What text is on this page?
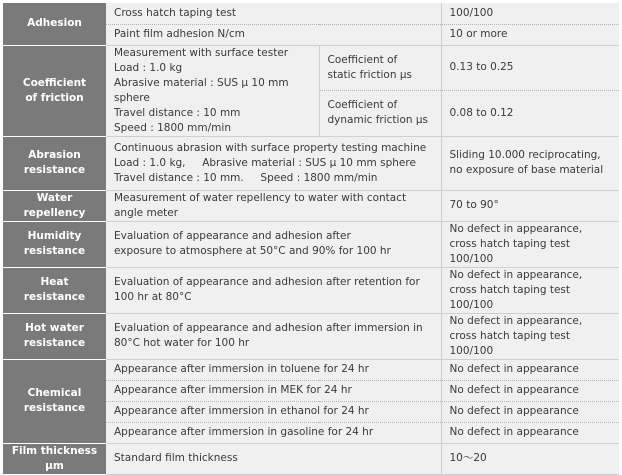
Adhesion	Cross hatch taping test		100/100
	Paint film adhesion N/cm		10 or more

Coefficient
of friction	Measurement with surface tester
Load : 1.0 kg
Abrasive material : SUS μ 10 mm sphere
Travel distance : 10 mm
Speed : 1800 mm/min	Coefficient of
static friction μs	0.13 to 0.25

		Coefficient of
dynamic friction μs	0.08 to 0.12

Abrasion
resistance	Continuous abrasion with surface property testing machine
Load : 1.0 kg,     Abrasive material : SUS μ 10 mm sphere
Travel distance : 10 mm.     Speed : 1800 mm/min		Sliding 10.000 reciprocating,
no exposure of base material

Water repellency	Measurement of water repellency to water with contact angle meter		70 to 90°

Humidity
resistance	Evaluation of appearance and adhesion after
exposure to atmosphere at 50°C and 90% for 100 hr		No defect in appearance,
cross hatch taping test 100/100

Heat
resistance	Evaluation of appearance and adhesion after retention for
100 hr at 80°C		No defect in appearance,
cross hatch taping test 100/100

Hot water
resistance	Evaluation of appearance and adhesion after immersion in
80°C hot water for 100 hr		No defect in appearance,
cross hatch taping test 100/100

Chemical
resistance	Appearance after immersion in toluene for 24 hr		No defect in appearance
	Appearance after immersion in MEK for 24 hr		No defect in appearance
	Appearance after immersion in ethanol for 24 hr		No defect in appearance
	Appearance after immersion in gasoline for 24 hr		No defect in appearance
Film thickness μm	Standard film thickness		10～20
